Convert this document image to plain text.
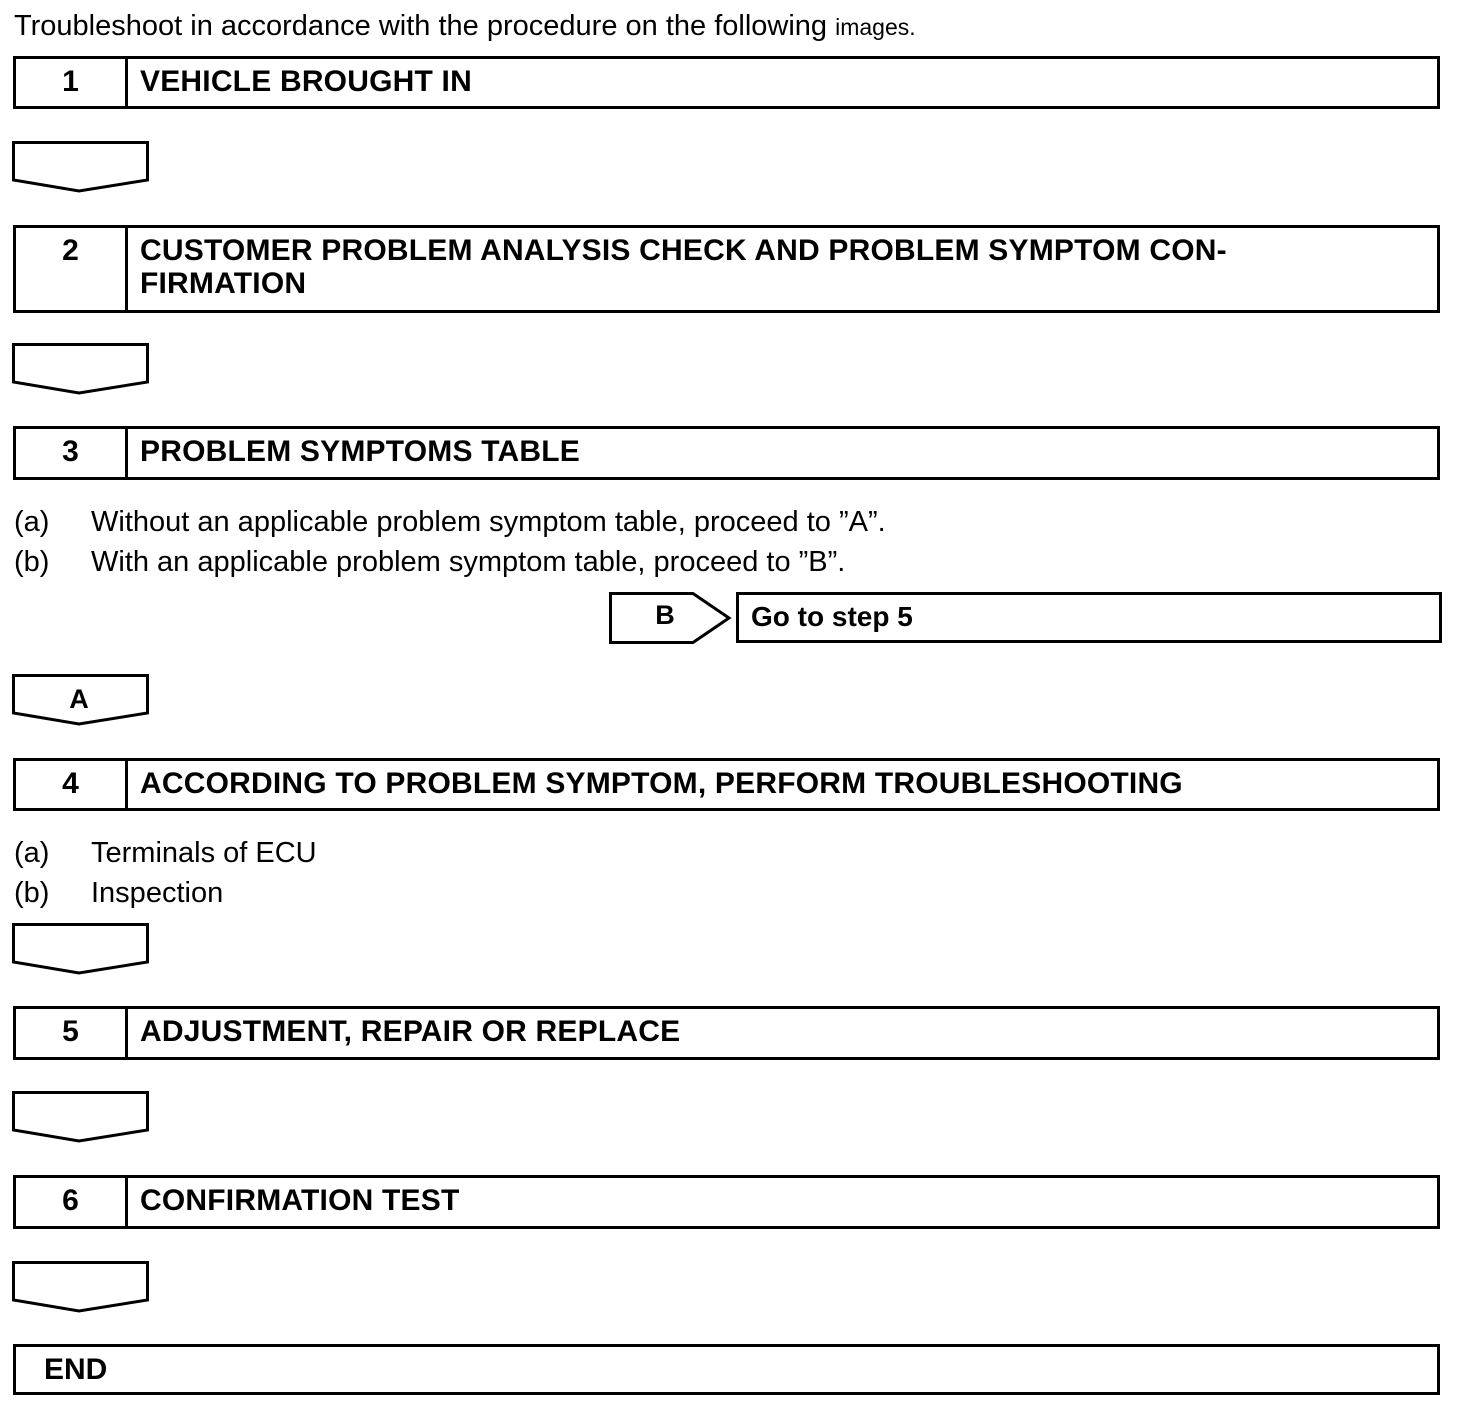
Troubleshoot in accordance with the procedure on the following images.
1	VEHICLE BROUGHT IN
2	CUSTOMER PROBLEM ANALYSIS CHECK AND PROBLEM SYMPTOM CON-
FIRMATION
3	PROBLEM SYMPTOMS TABLE
(a) Without an applicable problem symptom table, proceed to ”A”.
(b) With an applicable problem symptom table, proceed to ”B”.
B	Go to step 5
A
4	ACCORDING TO PROBLEM SYMPTOM, PERFORM TROUBLESHOOTING
(a) Terminals of ECU
(b) Inspection
5	ADJUSTMENT, REPAIR OR REPLACE
6	CONFIRMATION TEST
END
